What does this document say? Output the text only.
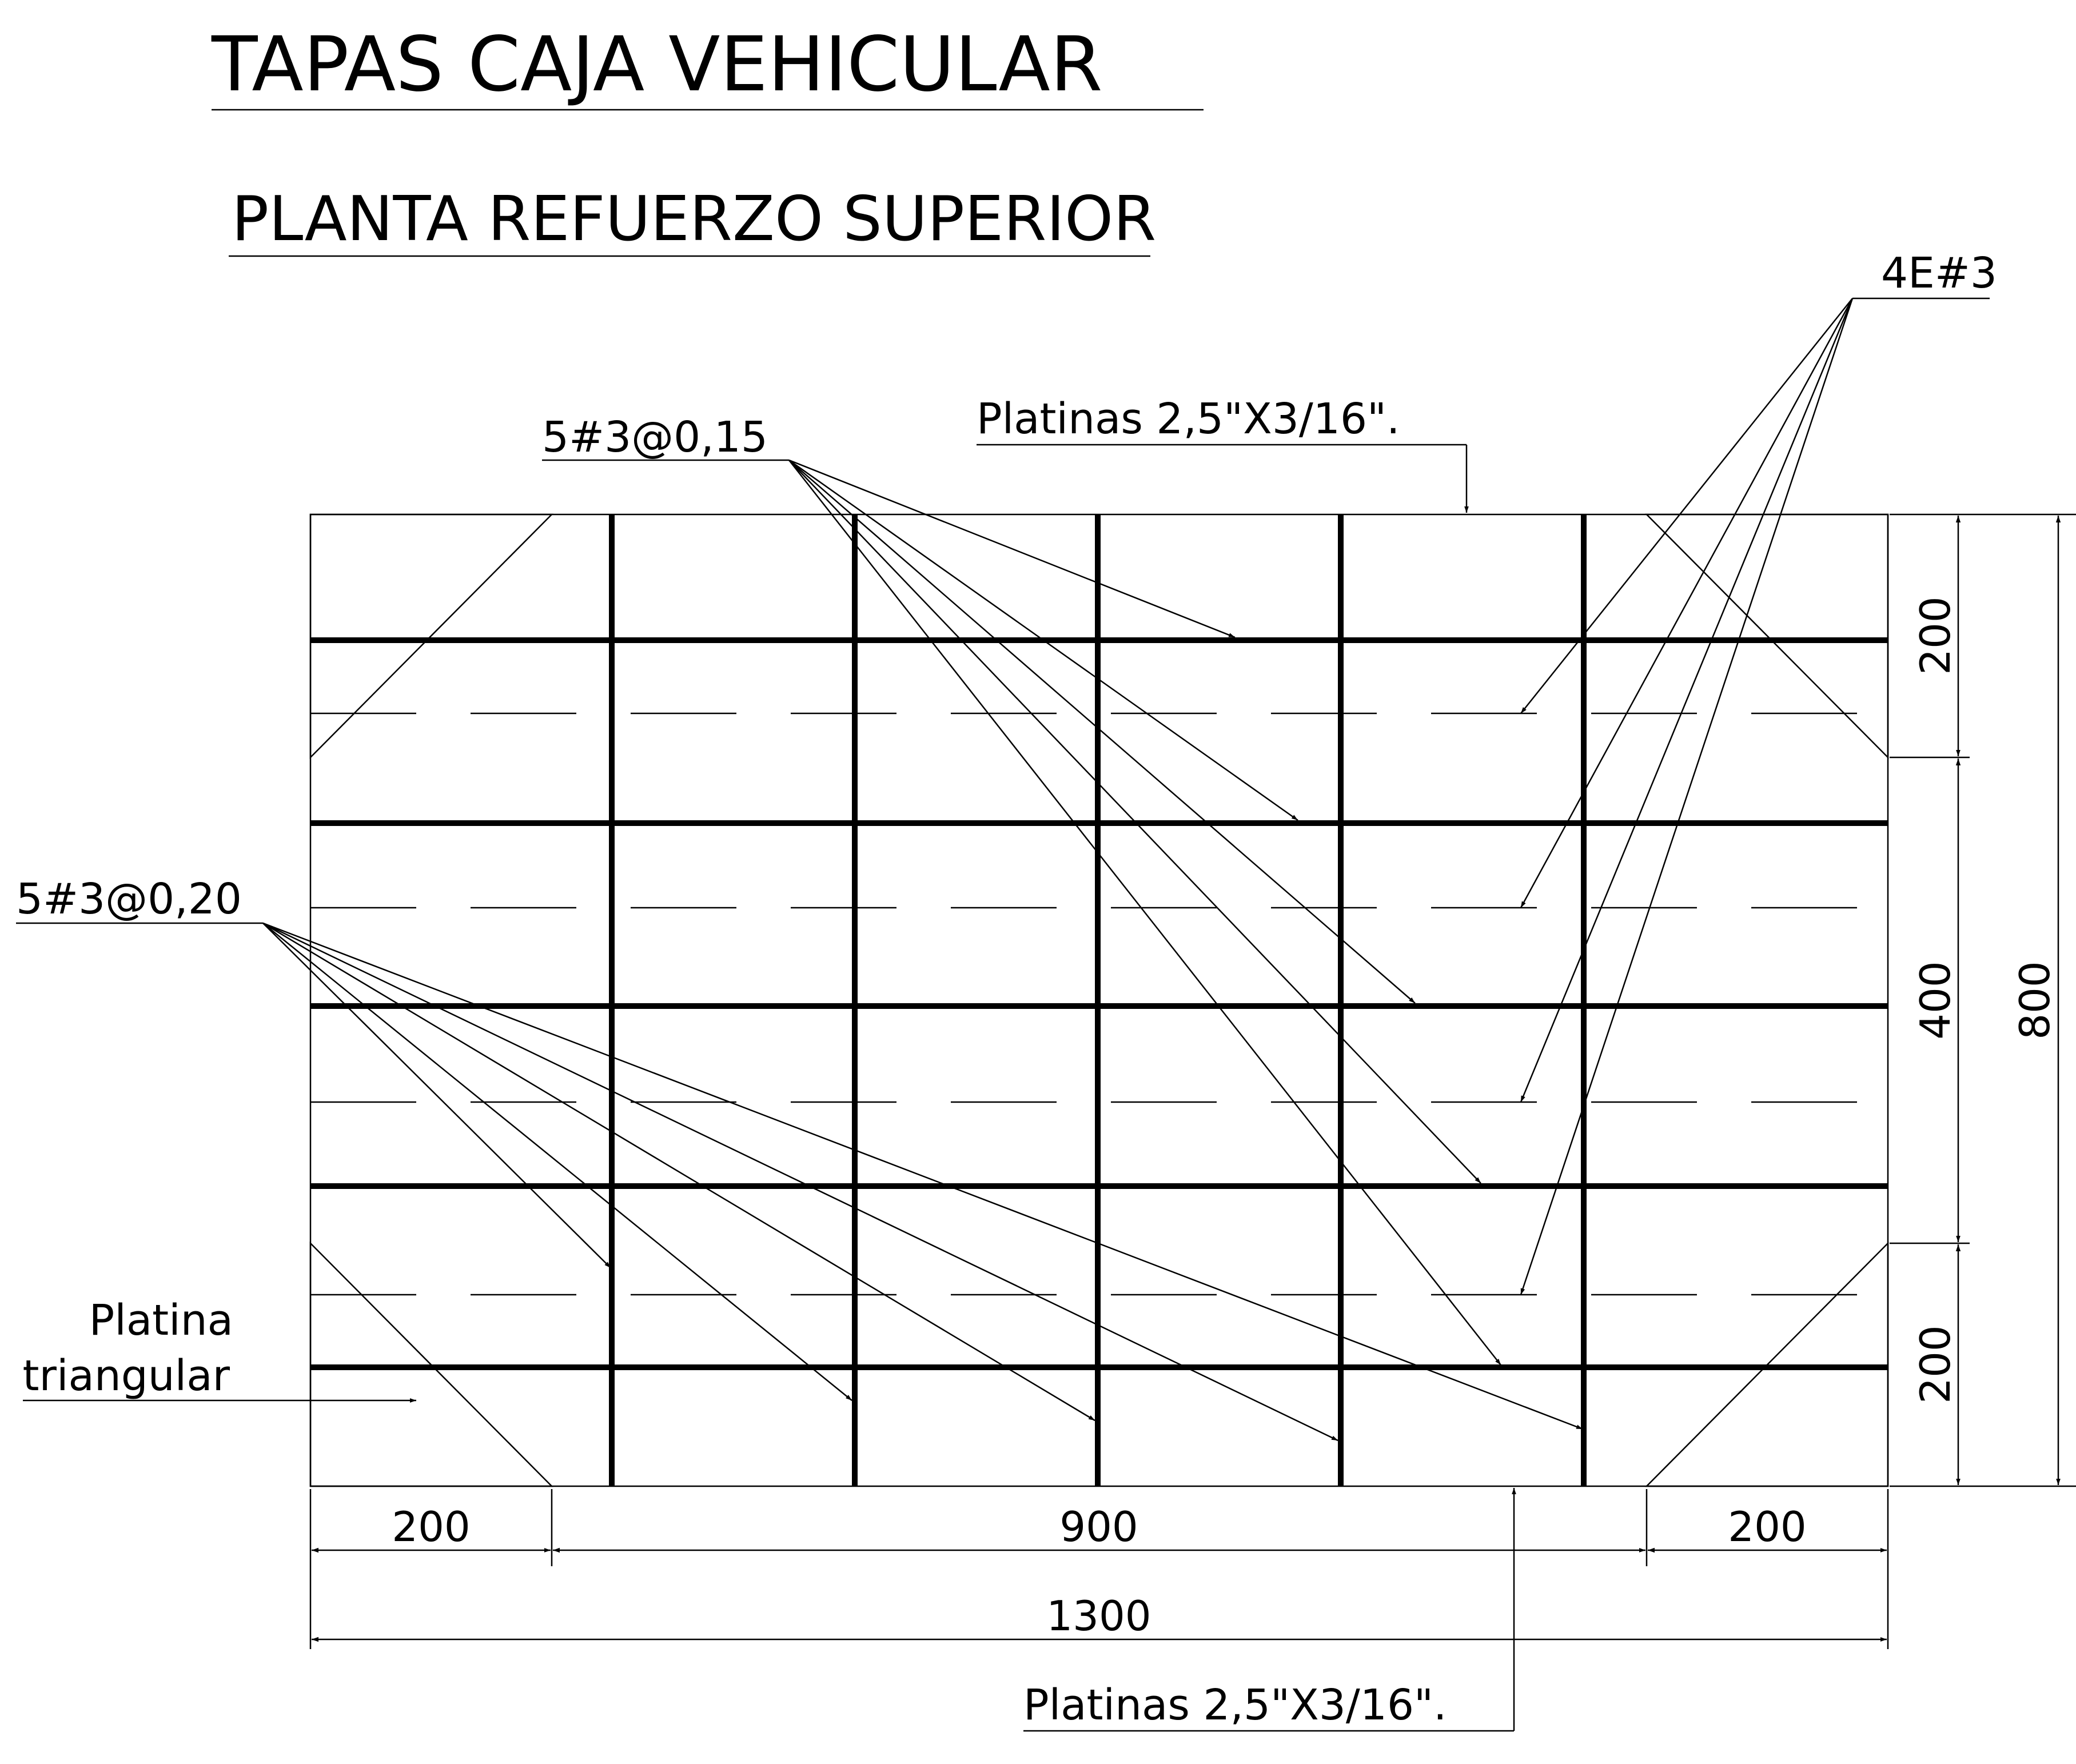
TAPAS CAJA VEHICULAR
PLANTA REFUERZO SUPERIOR
5#3@0,15
5#3@0,20
4E#3
Platinas 2,5"X3/16".
Platinas 2,5"X3/16".
Platina
triangular
200	900	200
1300
200
400
200
800
